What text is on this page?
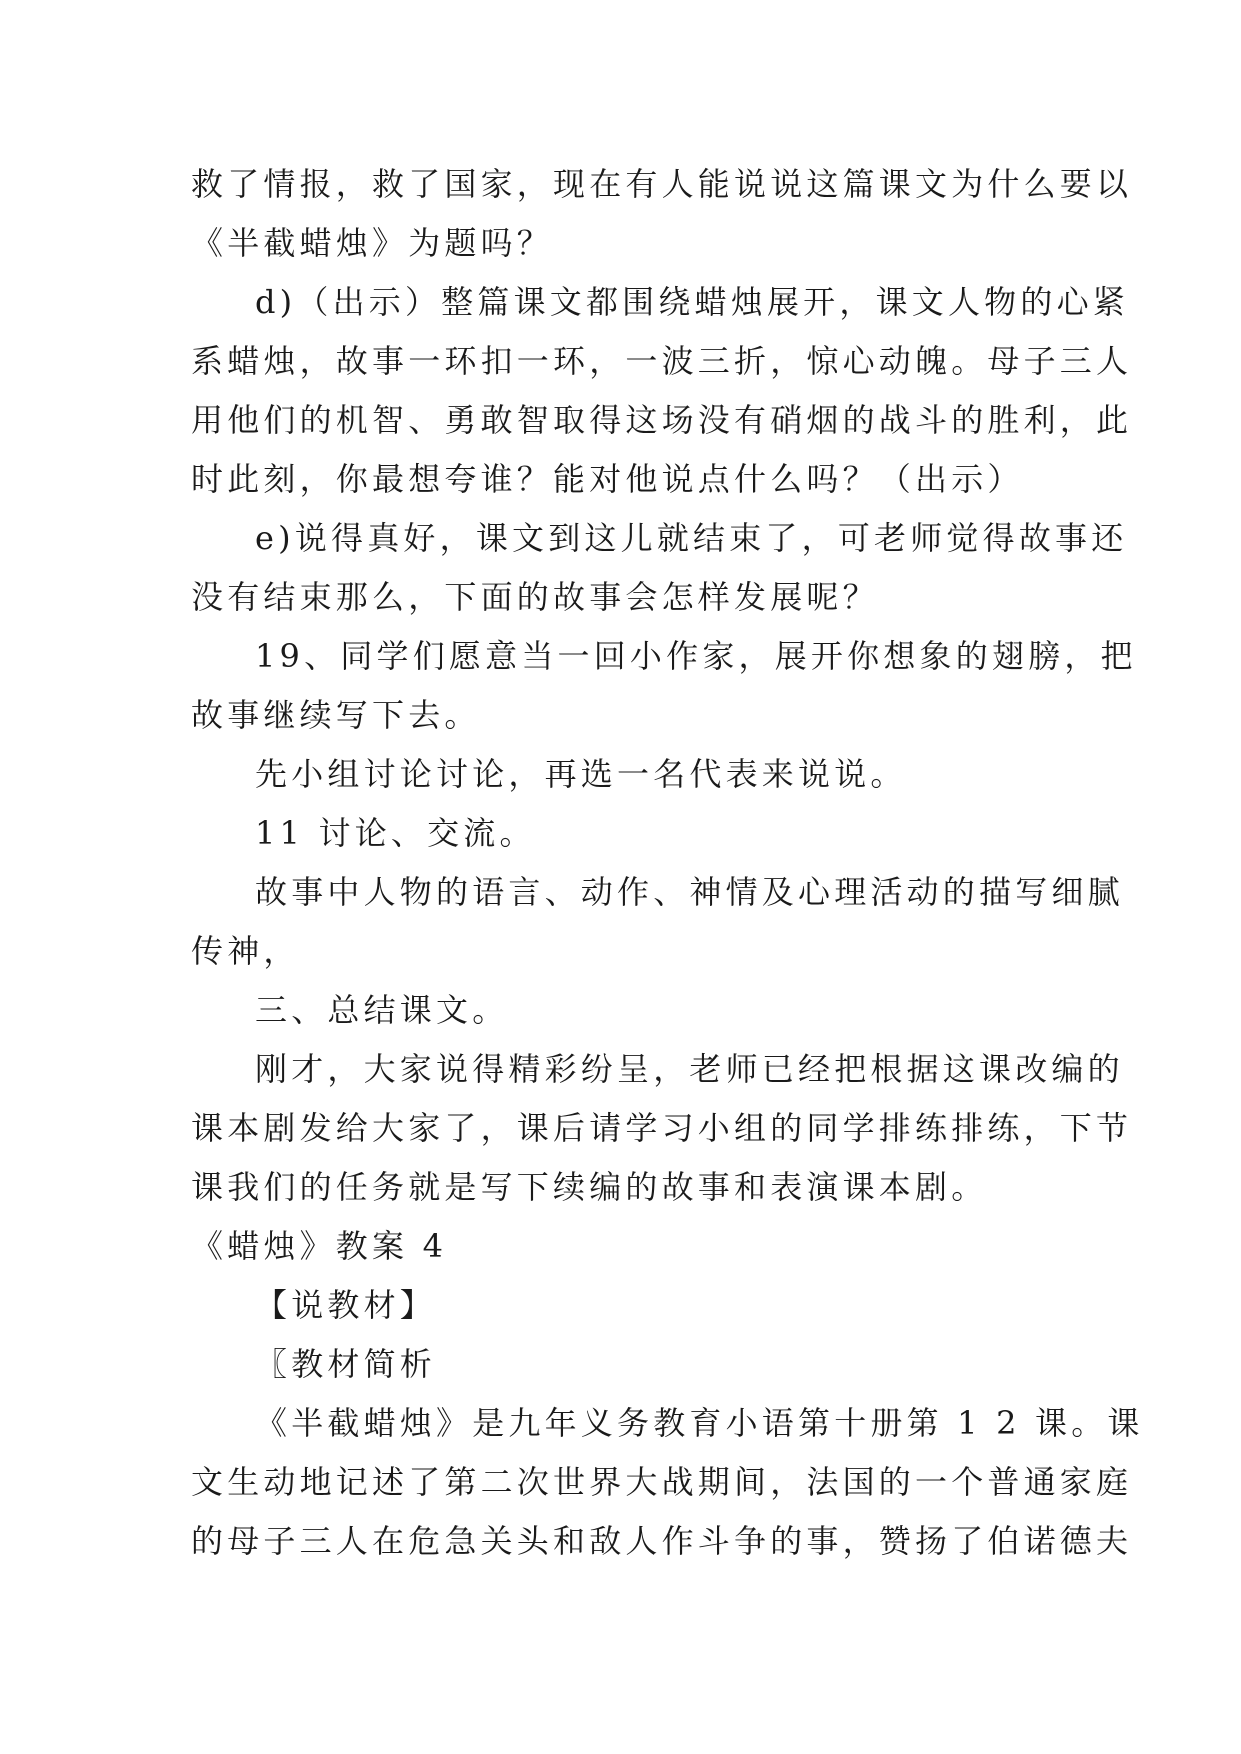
救了情报，救了国家，现在有人能说说这篇课文为什么要以
《半截蜡烛》为题吗？
d)（出示）整篇课文都围绕蜡烛展开，课文人物的心紧
系蜡烛，故事一环扣一环，一波三折，惊心动魄。母子三人
用他们的机智、勇敢智取得这场没有硝烟的战斗的胜利，此
时此刻，你最想夸谁？能对他说点什么吗？（出示）
e)说得真好，课文到这儿就结束了，可老师觉得故事还
没有结束那么，下面的故事会怎样发展呢？
19、同学们愿意当一回小作家，展开你想象的翅膀，把
故事继续写下去。
先小组讨论讨论，再选一名代表来说说。
11 讨论、交流。
故事中人物的语言、动作、神情及心理活动的描写细腻
传神，
三、总结课文。
刚才，大家说得精彩纷呈，老师已经把根据这课改编的
课本剧发给大家了，课后请学习小组的同学排练排练，下节
课我们的任务就是写下续编的故事和表演课本剧。
《蜡烛》教案 4
【说教材】
〖教材简析
《半截蜡烛》是九年义务教育小语第十册第 1 2 课。课
文生动地记述了第二次世界大战期间，法国的一个普通家庭
的母子三人在危急关头和敌人作斗争的事，赞扬了伯诺德夫
